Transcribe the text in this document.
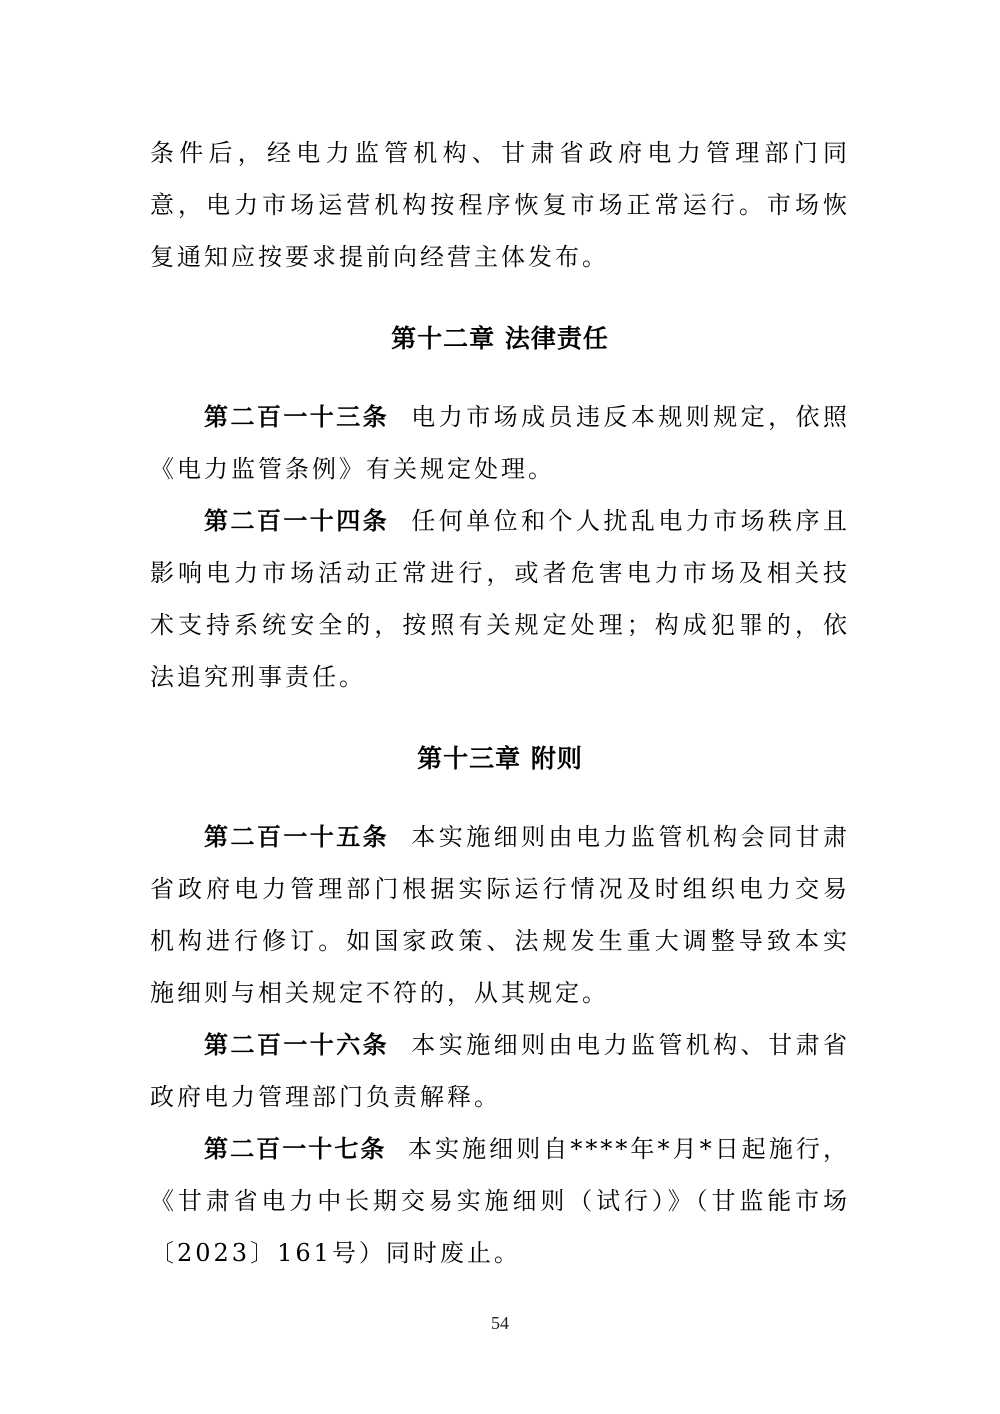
条件后，经电力监管机构、甘肃省政府电力管理部门同意，电力市场运营机构按程序恢复市场正常运行。市场恢复通知应按要求提前向经营主体发布。

第十二章 法律责任

第二百一十三条 电力市场成员违反本规则规定，依照《电力监管条例》有关规定处理。

第二百一十四条 任何单位和个人扰乱电力市场秩序且影响电力市场活动正常进行，或者危害电力市场及相关技术支持系统安全的，按照有关规定处理；构成犯罪的，依法追究刑事责任。

第十三章 附则

第二百一十五条 本实施细则由电力监管机构会同甘肃省政府电力管理部门根据实际运行情况及时组织电力交易机构进行修订。如国家政策、法规发生重大调整导致本实施细则与相关规定不符的，从其规定。

第二百一十六条 本实施细则由电力监管机构、甘肃省政府电力管理部门负责解释。

第二百一十七条 本实施细则自****年*月*日起施行，《甘肃省电力中长期交易实施细则（试行）》（甘监能市场〔2023〕161号）同时废止。

54
